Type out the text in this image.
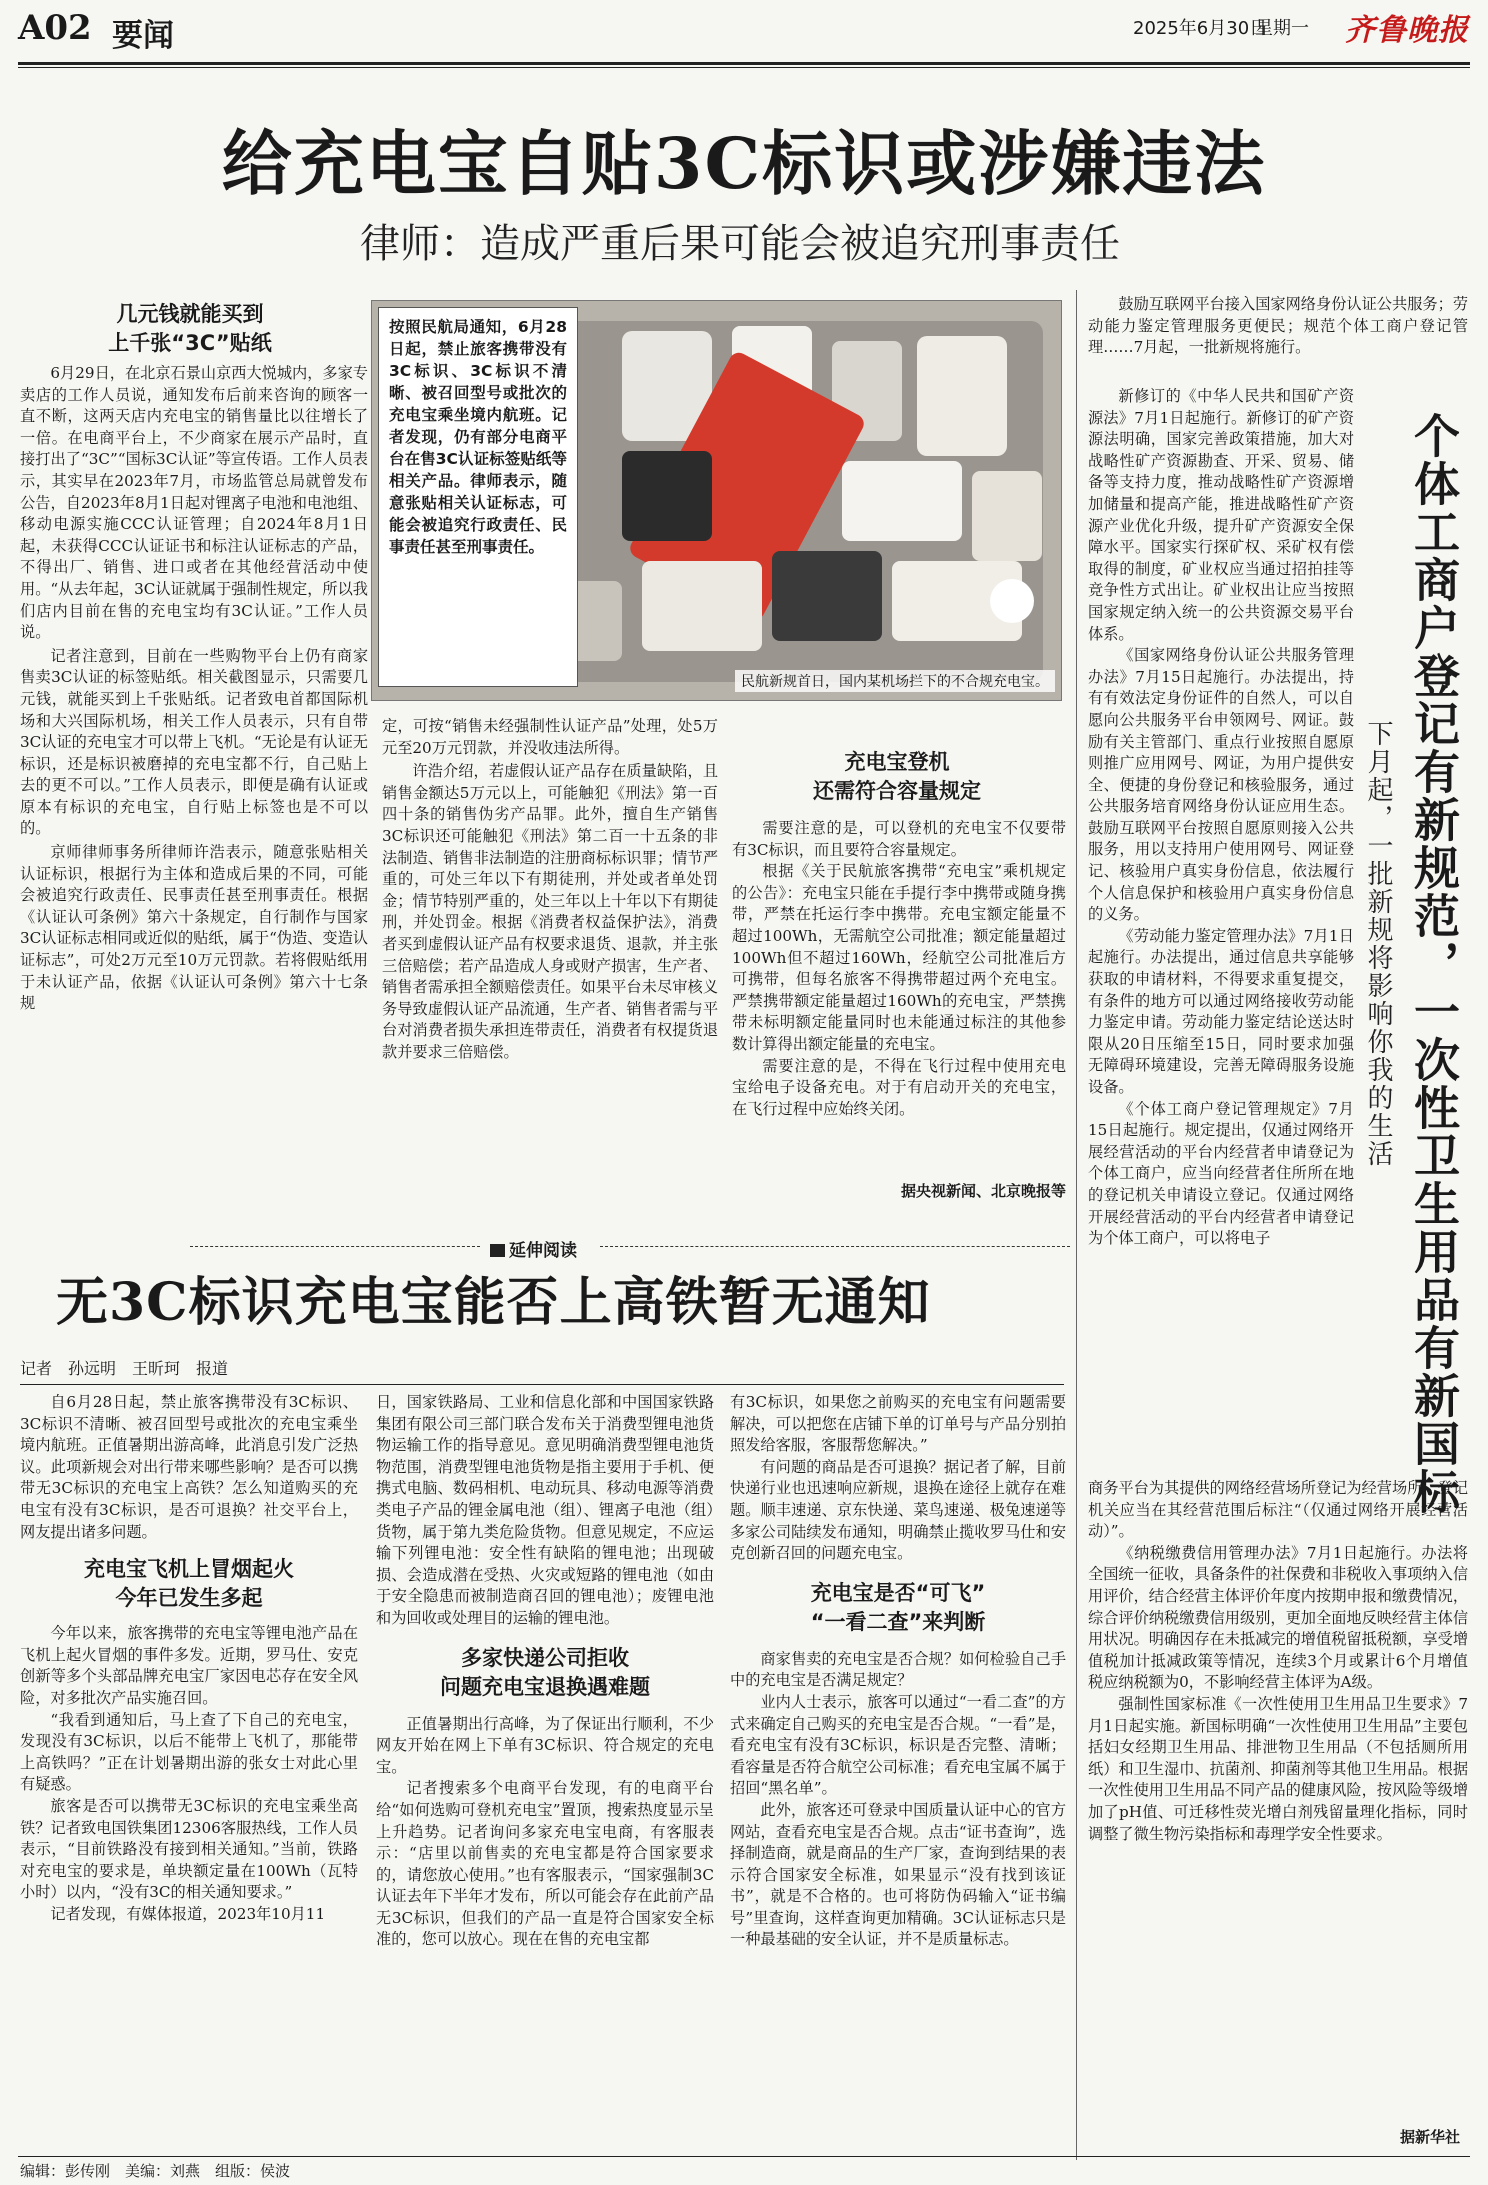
A02 要闻	2025年6月30日
星期一 齐鲁晚报
给充电宝自贴3C标识或涉嫌违法
律师：造成严重后果可能会被追究刑事责任
几元钱就能买到
上千张“3C”贴纸

6月29日，在北京石景山京西大悦城内，多家专卖店的工作人员说，通知发布后前来咨询的顾客一直不断，这两天店内充电宝的销售量比以往增长了一倍。在电商平台上，不少商家在展示产品时，直接打出了“3C”“国标3C认证”等宣传语。工作人员表示，其实早在2023年7月，市场监管总局就曾发布公告，自2023年8月1日起对锂离子电池和电池组、移动电源实施CCC认证管理；自2024年8月1日起，未获得CCC认证证书和标注认证标志的产品，不得出厂、销售、进口或者在其他经营活动中使用。“从去年起，3C认证就属于强制性规定，所以我们店内目前在售的充电宝均有3C认证。”工作人员说。

记者注意到，目前在一些购物平台上仍有商家售卖3C认证的标签贴纸。相关截图显示，只需要几元钱，就能买到上千张贴纸。记者致电首都国际机场和大兴国际机场，相关工作人员表示，只有自带3C认证的充电宝才可以带上飞机。“无论是有认证无标识，还是标识被磨掉的充电宝都不行，自己贴上去的更不可以。”工作人员表示，即便是确有认证或原本有标识的充电宝，自行贴上标签也是不可以的。

京师律师事务所律师许浩表示，随意张贴相关认证标识，根据行为主体和造成后果的不同，可能会被追究行政责任、民事责任甚至刑事责任。根据《认证认可条例》第六十条规定，自行制作与国家3C认证标志相同或近似的贴纸，属于“伪造、变造认证标志”，可处2万元至10万元罚款。若将假贴纸用于未认证产品，依据《认证认可条例》第六十七条规

按照民航局通知，6月28日起，禁止旅客携带没有3C标识、3C标识不清晰、被召回型号或批次的充电宝乘坐境内航班。记者发现，仍有部分电商平台在售3C认证标签贴纸等相关产品。律师表示，随意张贴相关认证标志，可能会被追究行政责任、民事责任甚至刑事责任。
民航新规首日，国内某机场拦下的不合规充电宝。

定，可按“销售未经强制性认证产品”处理，处5万元至20万元罚款，并没收违法所得。

许浩介绍，若虚假认证产品存在质量缺陷，且销售金额达5万元以上，可能触犯《刑法》第一百四十条的销售伪劣产品罪。此外，擅自生产销售3C标识还可能触犯《刑法》第二百一十五条的非法制造、销售非法制造的注册商标标识罪；情节严重的，可处三年以下有期徒刑，并处或者单处罚金；情节特别严重的，处三年以上十年以下有期徒刑，并处罚金。根据《消费者权益保护法》，消费者买到虚假认证产品有权要求退货、退款，并主张三倍赔偿；若产品造成人身或财产损害，生产者、销售者需承担全额赔偿责任。如果平台未尽审核义务导致虚假认证产品流通，生产者、销售者需与平台对消费者损失承担连带责任，消费者有权提货退款并要求三倍赔偿。

充电宝登机
还需符合容量规定

需要注意的是，可以登机的充电宝不仅要带有3C标识，而且要符合容量规定。

根据《关于民航旅客携带“充电宝”乘机规定的公告》：充电宝只能在手提行李中携带或随身携带，严禁在托运行李中携带。充电宝额定能量不超过100Wh，无需航空公司批准；额定能量超过100Wh但不超过160Wh，经航空公司批准后方可携带，但每名旅客不得携带超过两个充电宝。严禁携带额定能量超过160Wh的充电宝，严禁携带未标明额定能量同时也未能通过标注的其他参数计算得出额定能量的充电宝。

需要注意的是，不得在飞行过程中使用充电宝给电子设备充电。对于有启动开关的充电宝，在飞行过程中应始终关闭。

据央视新闻、北京晚报等
延伸阅读
无3C标识充电宝能否上高铁暂无通知
记者　孙远明　王昕珂　报道

自6月28日起，禁止旅客携带没有3C标识、3C标识不清晰、被召回型号或批次的充电宝乘坐境内航班。正值暑期出游高峰，此消息引发广泛热议。此项新规会对出行带来哪些影响？是否可以携带无3C标识的充电宝上高铁？怎么知道购买的充电宝有没有3C标识，是否可退换？社交平台上，网友提出诸多问题。

充电宝飞机上冒烟起火
今年已发生多起

今年以来，旅客携带的充电宝等锂电池产品在飞机上起火冒烟的事件多发。近期，罗马仕、安克创新等多个头部品牌充电宝厂家因电芯存在安全风险，对多批次产品实施召回。

“我看到通知后，马上查了下自己的充电宝，发现没有3C标识，以后不能带上飞机了，那能带上高铁吗？”正在计划暑期出游的张女士对此心里有疑惑。

旅客是否可以携带无3C标识的充电宝乘坐高铁？记者致电国铁集团12306客服热线，工作人员表示，“目前铁路没有接到相关通知。”当前，铁路对充电宝的要求是，单块额定量在100Wh（瓦特小时）以内，“没有3C的相关通知要求。”

记者发现，有媒体报道，2023年10月11

日，国家铁路局、工业和信息化部和中国国家铁路集团有限公司三部门联合发布关于消费型锂电池货物运输工作的指导意见。意见明确消费型锂电池货物范围，消费型锂电池货物是指主要用于手机、便携式电脑、数码相机、电动玩具、移动电源等消费类电子产品的锂金属电池（组）、锂离子电池（组）货物，属于第九类危险货物。但意见规定，不应运输下列锂电池：安全性有缺陷的锂电池；出现破损、会造成潜在受热、火灾或短路的锂电池（如由于安全隐患而被制造商召回的锂电池）；废锂电池和为回收或处理目的运输的锂电池。

多家快递公司拒收
问题充电宝退换遇难题

正值暑期出行高峰，为了保证出行顺利，不少网友开始在网上下单有3C标识、符合规定的充电宝。

记者搜索多个电商平台发现，有的电商平台给“如何选购可登机充电宝”置顶，搜索热度显示呈上升趋势。记者询问多家充电宝电商，有客服表示：“店里以前售卖的充电宝都是符合国家要求的，请您放心使用。”也有客服表示，“国家强制3C认证去年下半年才发布，所以可能会存在此前产品无3C标识，但我们的产品一直是符合国家安全标准的，您可以放心。现在在售的充电宝都

有3C标识，如果您之前购买的充电宝有问题需要解决，可以把您在店铺下单的订单号与产品分别拍照发给客服，客服帮您解决。”

有问题的商品是否可退换？据记者了解，目前快递行业也迅速响应新规，退换在途径上就存在难题。顺丰速递、京东快递、菜鸟速递、极兔速递等多家公司陆续发布通知，明确禁止揽收罗马仕和安克创新召回的问题充电宝。

充电宝是否“可飞”
“一看二查”来判断

商家售卖的充电宝是否合规？如何检验自己手中的充电宝是否满足规定？

业内人士表示，旅客可以通过“一看二查”的方式来确定自己购买的充电宝是否合规。“一看”是，看充电宝有没有3C标识，标识是否完整、清晰；看容量是否符合航空公司标准；看充电宝属不属于招回“黑名单”。

此外，旅客还可登录中国质量认证中心的官方网站，查看充电宝是否合规。点击“证书查询”，选择制造商，就是商品的生产厂家，查询到结果的表示符合国家安全标准，如果显示“没有找到该证书”，就是不合格的。也可将防伪码输入“证书编号”里查询，这样查询更加精确。3C认证标志只是一种最基础的安全认证，并不是质量标志。

鼓励互联网平台接入国家网络身份认证公共服务；劳动能力鉴定管理服务更便民；规范个体工商户登记管理……7月起，一批新规将施行。

新修订的《中华人民共和国矿产资源法》7月1日起施行。新修订的矿产资源法明确，国家完善政策措施，加大对战略性矿产资源勘查、开采、贸易、储备等支持力度，推动战略性矿产资源增加储量和提高产能，推进战略性矿产资源产业优化升级，提升矿产资源安全保障水平。国家实行探矿权、采矿权有偿取得的制度，矿业权应当通过招拍挂等竞争性方式出让。矿业权出让应当按照国家规定纳入统一的公共资源交易平台体系。

《国家网络身份认证公共服务管理办法》7月15日起施行。办法提出，持有有效法定身份证件的自然人，可以自愿向公共服务平台申领网号、网证。鼓励有关主管部门、重点行业按照自愿原则推广应用网号、网证，为用户提供安全、便捷的身份登记和核验服务，通过公共服务培育网络身份认证应用生态。鼓励互联网平台按照自愿原则接入公共服务，用以支持用户使用网号、网证登记、核验用户真实身份信息，依法履行个人信息保护和核验用户真实身份信息的义务。

《劳动能力鉴定管理办法》7月1日起施行。办法提出，通过信息共享能够获取的申请材料，不得要求重复提交，有条件的地方可以通过网络接收劳动能力鉴定申请。劳动能力鉴定结论送达时限从20日压缩至15日，同时要求加强无障碍环境建设，完善无障碍服务设施设备。

《个体工商户登记管理规定》7月15日起施行。规定提出，仅通过网络开展经营活动的平台内经营者申请登记为个体工商户，应当向经营者住所所在地的登记机关申请设立登记。仅通过网络开展经营活动的平台内经营者申请登记为个体工商户，可以将电子	个体工商户登记有新规范，一次性卫生用品有新国标
下月起，一批新规将影响你我的生活

商务平台为其提供的网络经营场所登记为经营场所，登记机关应当在其经营范围后标注“（仅通过网络开展经营活动）”。

《纳税缴费信用管理办法》7月1日起施行。办法将全国统一征收，具备条件的社保费和非税收入事项纳入信用评价，结合经营主体评价年度内按期申报和缴费情况，综合评价纳税缴费信用级别，更加全面地反映经营主体信用状况。明确因存在未抵减完的增值税留抵税额，享受增值税加计抵减政策等情况，连续3个月或累计6个月增值税应纳税额为0，不影响经营主体评为A级。

强制性国家标准《一次性使用卫生用品卫生要求》7月1日起实施。新国标明确“一次性使用卫生用品”主要包括妇女经期卫生用品、排泄物卫生用品（不包括厕所用纸）和卫生湿巾、抗菌剂、抑菌剂等其他卫生用品。根据一次性使用卫生用品不同产品的健康风险，按风险等级增加了pH值、可迁移性荧光增白剂残留量理化指标，同时调整了微生物污染指标和毒理学安全性要求。

据新华社
编辑：彭传刚　美编：刘燕　组版：侯波
